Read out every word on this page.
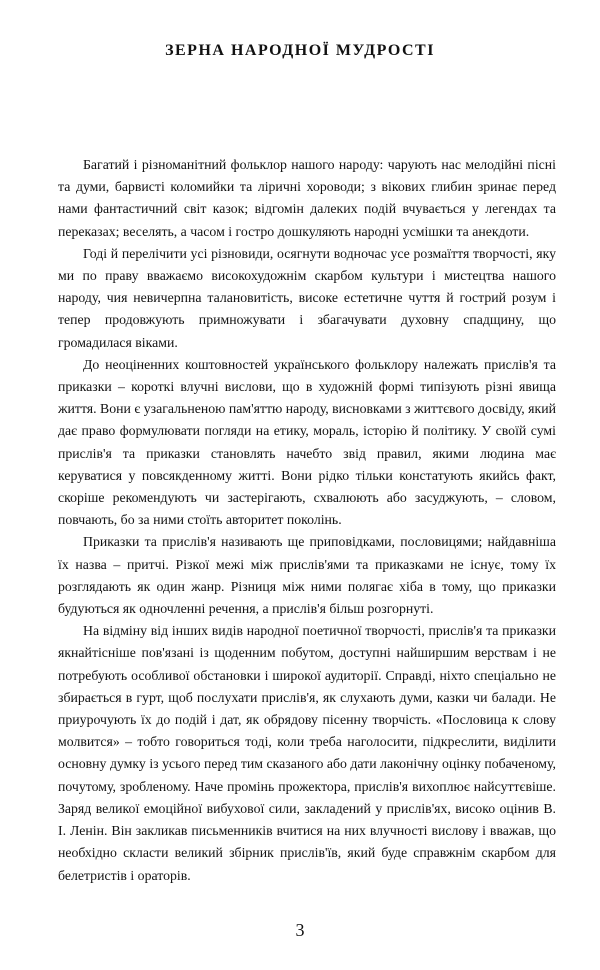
ЗЕРНА НАРОДНОЇ МУДРОСТІ

Багатий і різноманітний фольклор нашого народу: чарують нас мелодійні пісні та думи, барвисті коломийки та ліричні хороводи; з вікових глибин зринає перед нами фантастичний світ казок; відгомін далеких подій вчувається у легендах та переказах; веселять, а часом і гостро дошкуляють народні усмішки та анекдоти.

Годі й перелічити усі різновиди, осягнути водночас усе розмаїття творчості, яку ми по праву вважаємо високохудожнім скарбом культури і мистецтва нашого народу, чия невичерпна талановитість, високе естетичне чуття й гострий розум і тепер продовжують примножувати і збагачувати духовну спадщину, що громадилася віками.

До неоціненних коштовностей українського фольклору належать прислів'я та приказки – короткі влучні вислови, що в художній формі типізують різні явища життя. Вони є узагальненою пам'яттю народу, висновками з життєвого досвіду, який дає право формулювати погляди на етику, мораль, історію й політику. У своїй сумі прислів'я та приказки становлять начебто звід правил, якими людина має керуватися у повсякденному житті. Вони рідко тільки констатують якийсь факт, скоріше рекомендують чи застерігають, схвалюють або засуджують, – словом, повчають, бо за ними стоїть авторитет поколінь.

Приказки та прислів'я називають ще приповідками, пословицями; найдавніша їх назва – притчі. Різкої межі між прислів'ями та приказками не існує, тому їх розглядають як один жанр. Різниця між ними полягає хіба в тому, що приказки будуються як одночленні речення, а прислів'я більш розгорнуті.

На відміну від інших видів народної поетичної творчості, прислів'я та приказки якнайтісніше пов'язані із щоденним побутом, доступні найширшим верствам і не потребують особливої обстановки і широкої аудиторії. Справді, ніхто спеціально не збирається в гурт, щоб послухати прислів'я, як слухають думи, казки чи балади. Не приурочують їх до подій і дат, як обрядову пісенну творчість. «Пословица к слову молвится» – тобто говориться тоді, коли треба наголосити, підкреслити, виділити основну думку із усього перед тим сказаного або дати лаконічну оцінку побаченому, почутому, зробленому. Наче промінь прожектора, прислів'я вихоплює найсуттєвіше. Заряд великої емоційної вибухової сили, закладений у прислів'ях, високо оцінив В. І. Ленін. Він закликав письменників вчитися на них влучності вислову і вважав, що необхідно скласти великий збірник прислів'їв, який буде справжнім скарбом для белетристів і ораторів.

3
